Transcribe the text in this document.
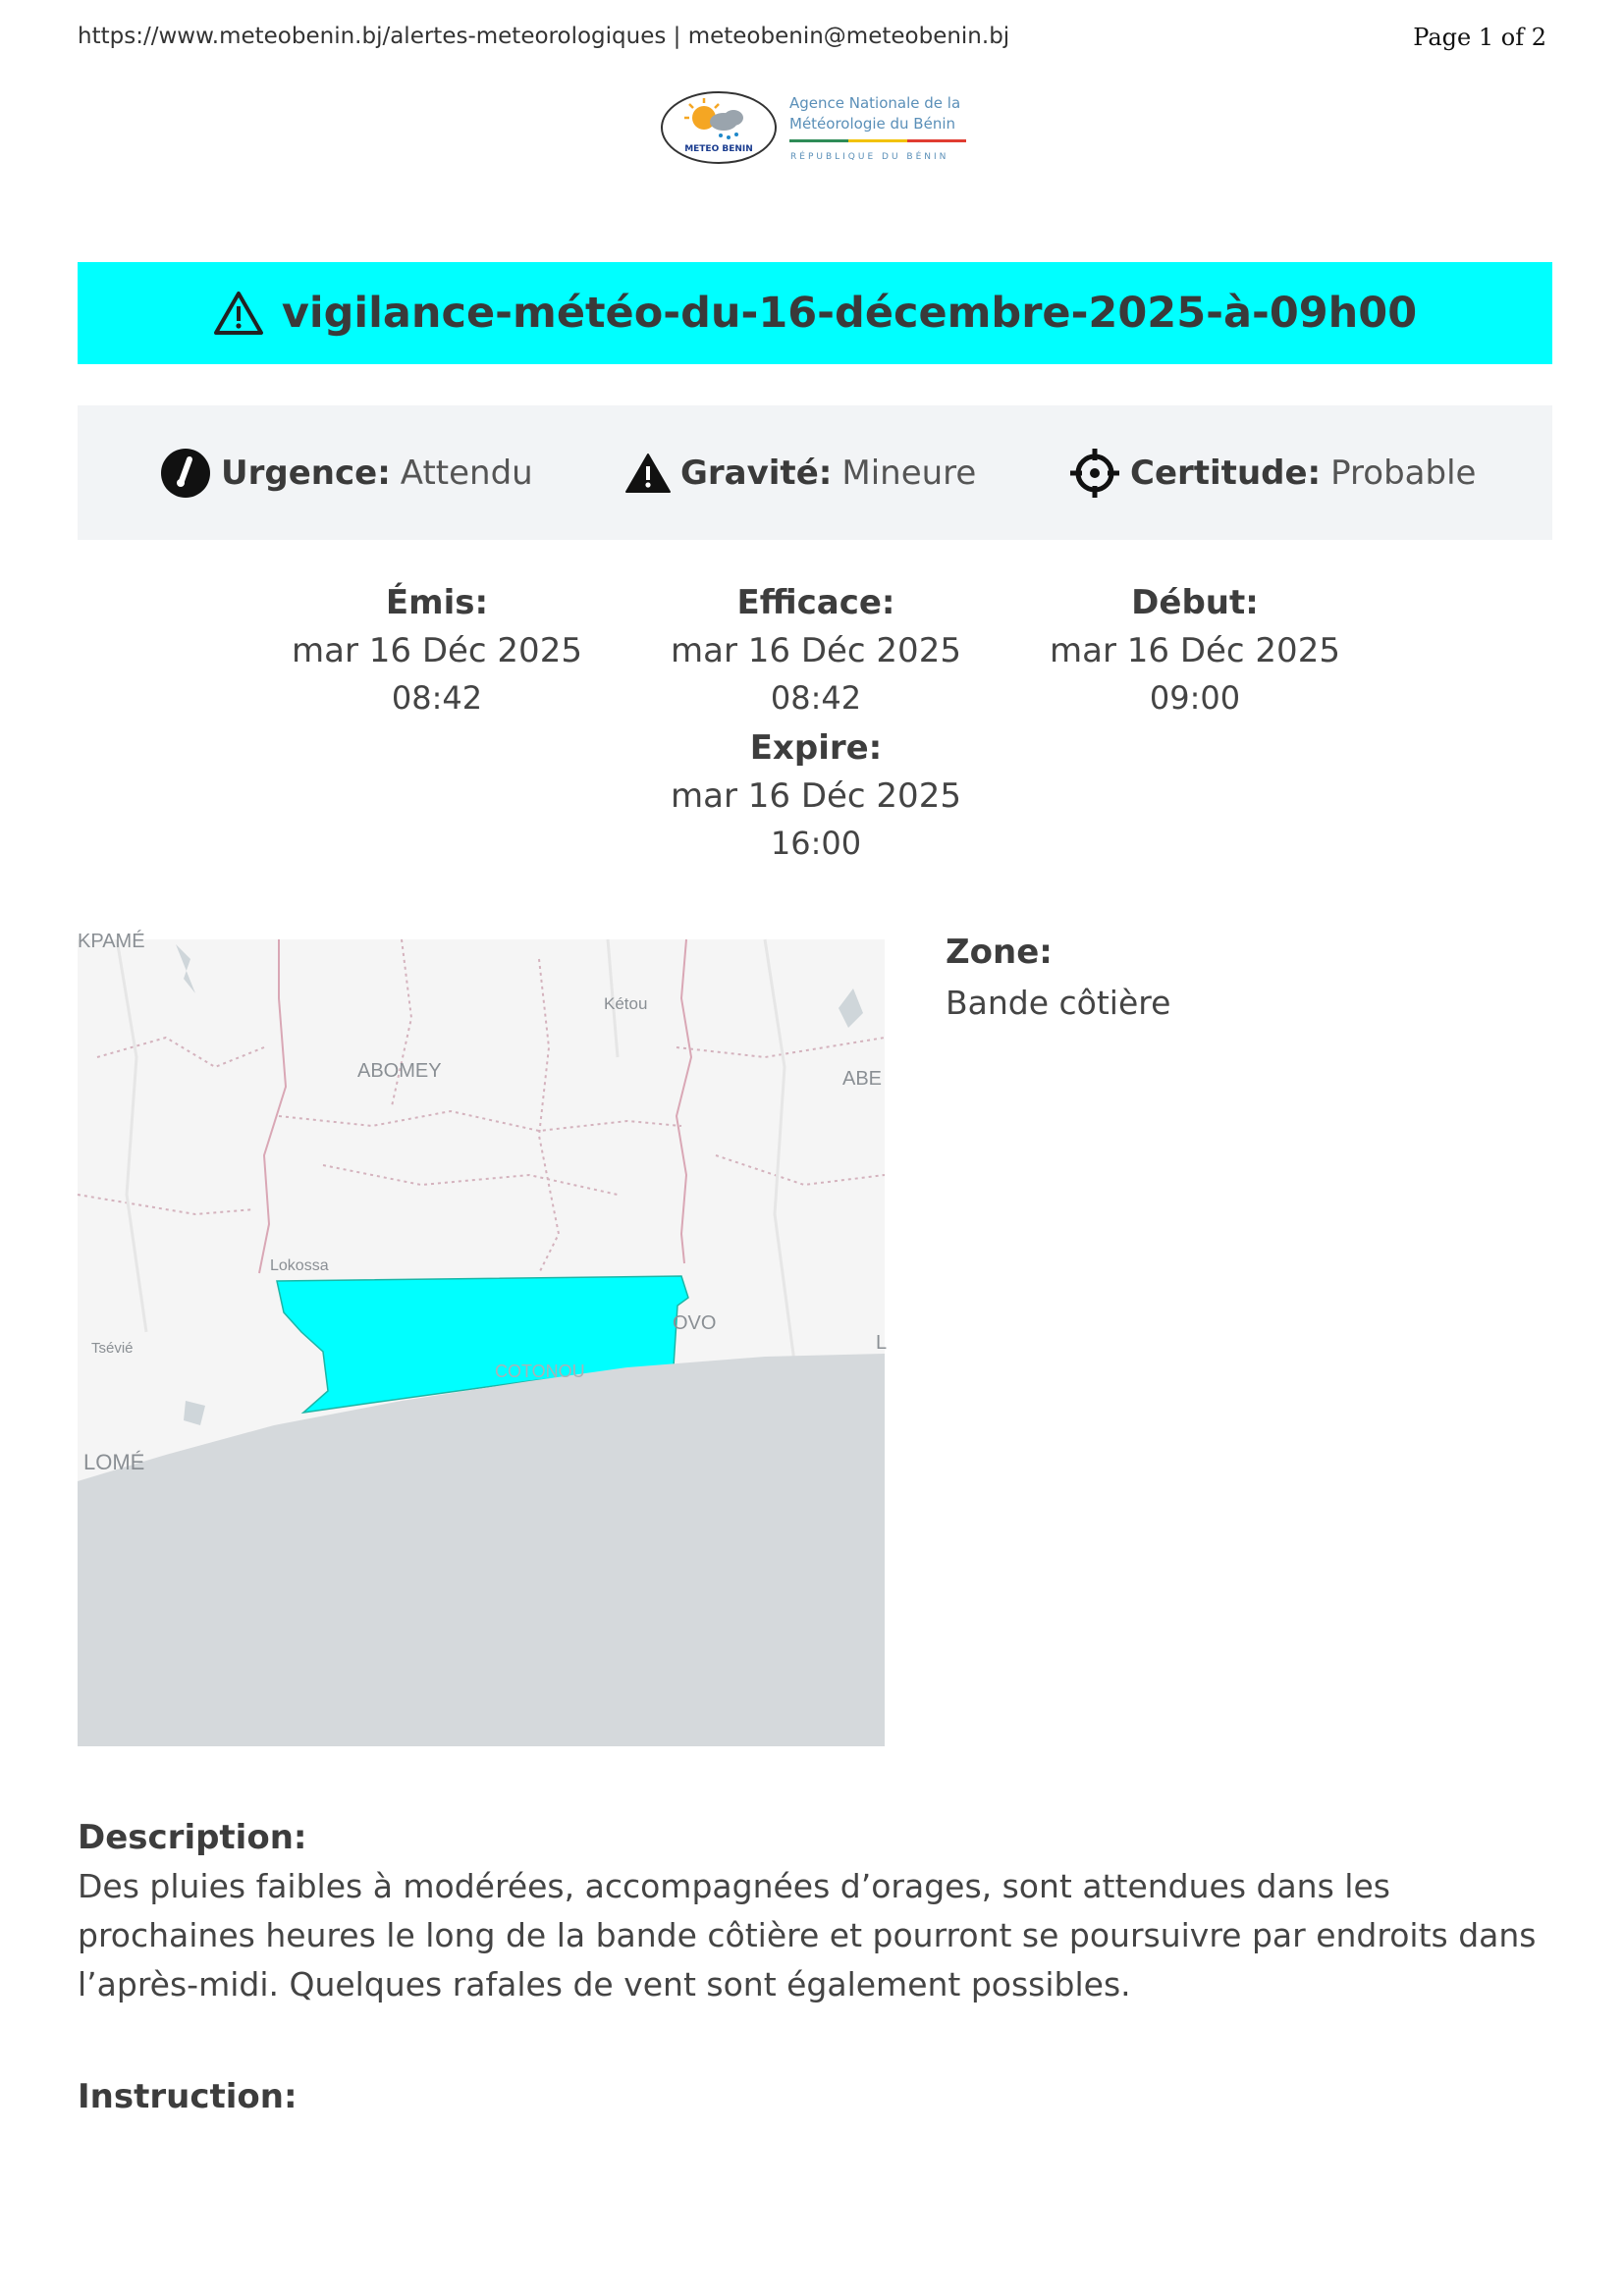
https://www.meteobenin.bj/alertes-meteorologiques | meteobenin@meteobenin.bj	Page 1 of 2
METEO BENIN
Agence Nationale de la
Météorologie du Bénin
RÉPUBLIQUE DU BÉNIN
vigilance-météo-du-16-décembre-2025-à-09h00
Urgence: Attendu	Gravité: Mineure	Certitude: Probable
Émis:
mar 16 Déc 2025
08:42
Efficace:
mar 16 Déc 2025
08:42
Début:
mar 16 Déc 2025
09:00
Expire:
mar 16 Déc 2025
16:00
KPAMÉ
Kétou
ABOMEY	ABE
Lokossa
OVO
Tsévié
LOMÉ
COTONOU
L
Zone:
Bande côtière
Description:
Des pluies faibles à modérées, accompagnées d’orages, sont attendues dans les prochaines heures le long de la bande côtière et pourront se poursuivre par endroits dans l’après-midi. Quelques rafales de vent sont également possibles.
Instruction:
